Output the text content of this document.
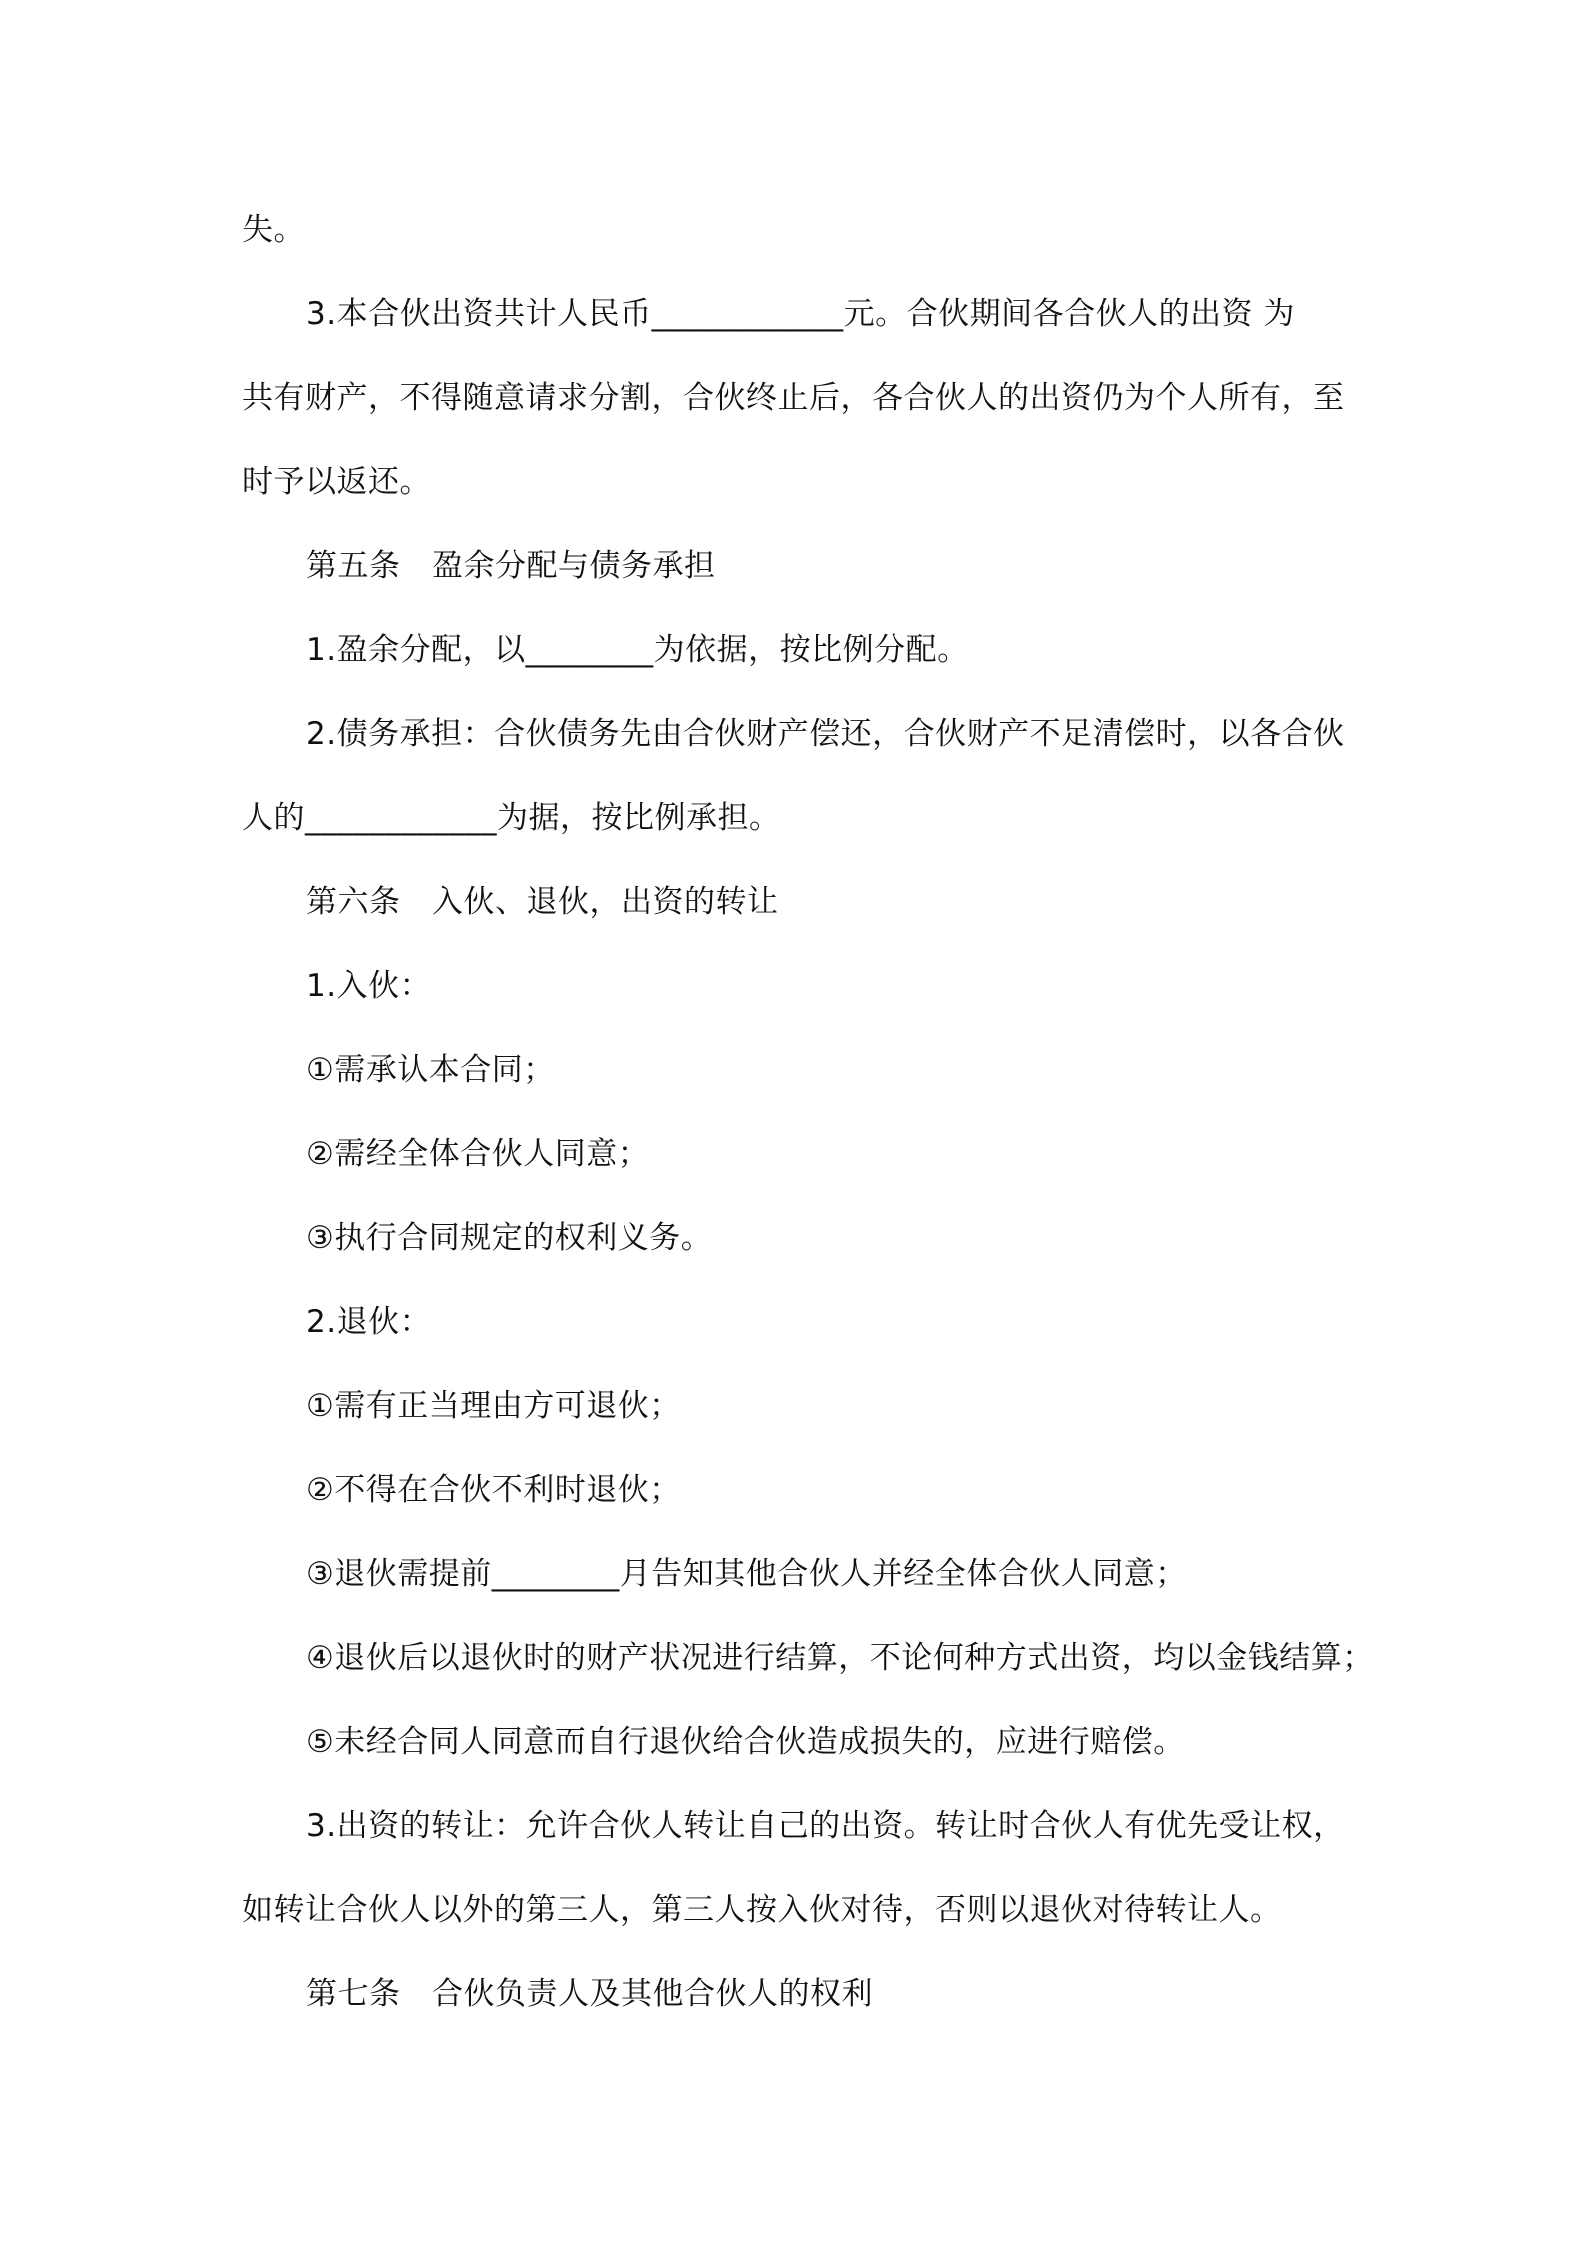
失。
3.本合伙出资共计人民币____________元。合伙期间各合伙人的出资 为
共有财产，不得随意请求分割，合伙终止后，各合伙人的出资仍为个人所有，至
时予以返还。
第五条　盈余分配与债务承担
1.盈余分配，以________为依据，按比例分配。
2.债务承担：合伙债务先由合伙财产偿还，合伙财产不足清偿时，以各合伙
人的____________为据，按比例承担。
第六条　入伙、退伙，出资的转让
1.入伙：
①需承认本合同；
②需经全体合伙人同意；
③执行合同规定的权利义务。
2.退伙：
①需有正当理由方可退伙；
②不得在合伙不利时退伙；
③退伙需提前________月告知其他合伙人并经全体合伙人同意；
④退伙后以退伙时的财产状况进行结算，不论何种方式出资，均以金钱结算；
⑤未经合同人同意而自行退伙给合伙造成损失的，应进行赔偿。
3.出资的转让：允许合伙人转让自己的出资。转让时合伙人有优先受让权，
如转让合伙人以外的第三人，第三人按入伙对待，否则以退伙对待转让人。
第七条　合伙负责人及其他合伙人的权利
